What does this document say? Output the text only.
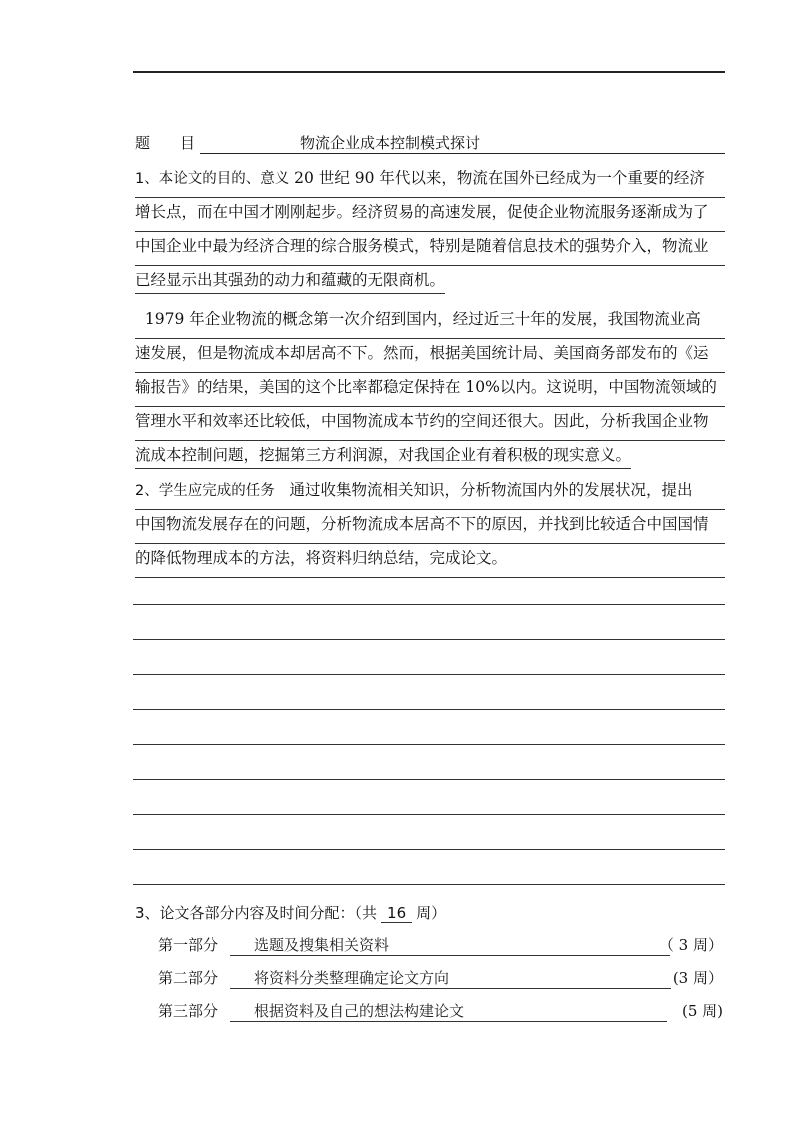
题　　目	物流企业成本控制模式探讨
1、本论文的目的、意义 20 世纪 90 年代以来，物流在国外已经成为一个重要的经济
增长点，而在中国才刚刚起步。经济贸易的高速发展，促使企业物流服务逐渐成为了
中国企业中最为经济合理的综合服务模式，特别是随着信息技术的强势介入，物流业
已经显示出其强劲的动力和蕴藏的无限商机。
1979 年企业物流的概念第一次介绍到国内，经过近三十年的发展，我国物流业高
速发展，但是物流成本却居高不下。然而，根据美国统计局、美国商务部发布的《运
输报告》的结果，美国的这个比率都稳定保持在 10%以内。这说明，中国物流领域的
管理水平和效率还比较低，中国物流成本节约的空间还很大。因此，分析我国企业物
流成本控制问题，挖掘第三方利润源，对我国企业有着积极的现实意义。
2、学生应完成的任务   通过收集物流相关知识，分析物流国内外的发展状况，提出
中国物流发展存在的问题，分析物流成本居高不下的原因，并找到比较适合中国国情
的降低物理成本的方法，将资料归纳总结，完成论文。
3、论文各部分内容及时间分配：（共 16 周）
第一部分 选题及搜集相关资料	（ 3 周）
第二部分 将资料分类整理确定论文方向	(3 周）
第三部分 根据资料及自己的想法构建论文	(5 周)
